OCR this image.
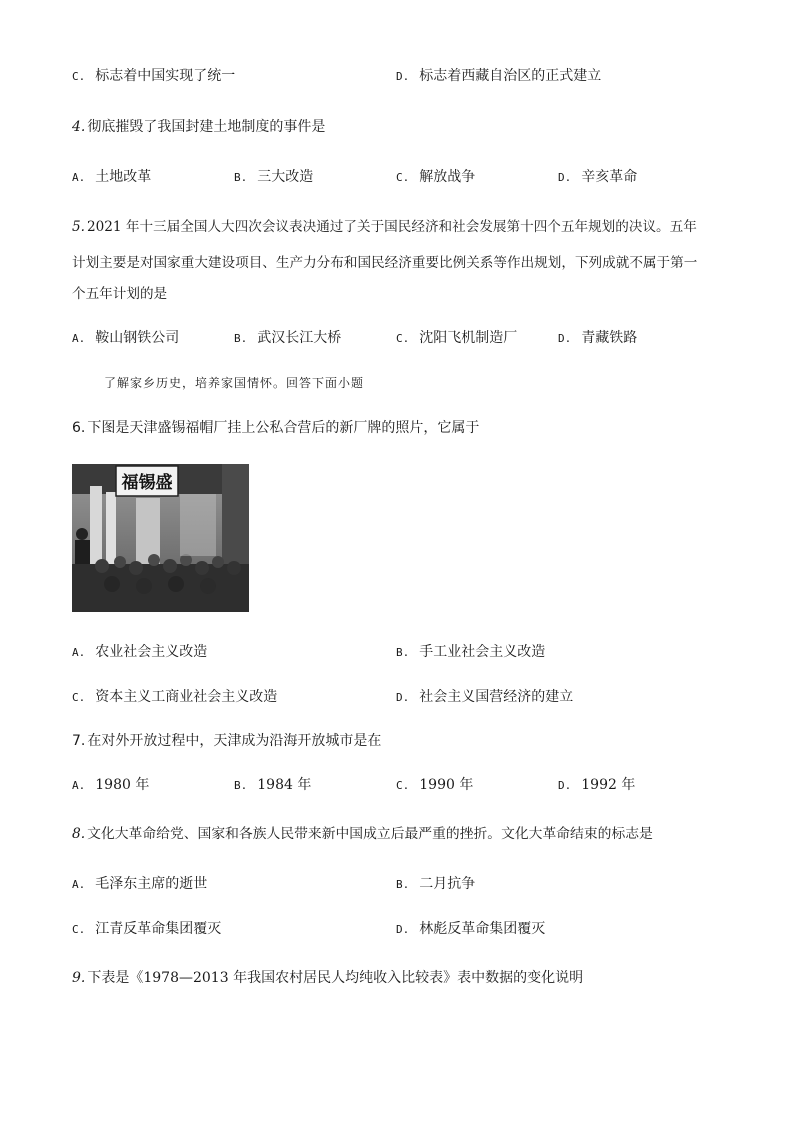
C. 标志着中国实现了统一	D. 标志着西藏自治区的正式建立
4. 彻底摧毁了我国封建土地制度的事件是
A. 土地改革	B. 三大改造	C. 解放战争	D. 辛亥革命
5. 2021 年十三届全国人大四次会议表决通过了关于国民经济和社会发展第十四个五年规划的决议。五年
计划主要是对国家重大建设项目、生产力分布和国民经济重要比例关系等作出规划，下列成就不属于第一
个五年计划的是
A. 鞍山钢铁公司	B. 武汉长江大桥	C. 沈阳飞机制造厂	D. 青藏铁路
了解家乡历史，培养家国情怀。回答下面小题
6. 下图是天津盛锡福帽厂挂上公私合营后的新厂牌的照片，它属于
福锡盛
A. 农业社会主义改造	B. 手工业社会主义改造
C. 资本主义工商业社会主义改造	D. 社会主义国营经济的建立
7. 在对外开放过程中，天津成为沿海开放城市是在
A. 1980 年	B. 1984 年	C. 1990 年	D. 1992 年
8. 文化大革命给党、国家和各族人民带来新中国成立后最严重的挫折。文化大革命结束的标志是
A. 毛泽东主席的逝世	B. 二月抗争
C. 江青反革命集团覆灭	D. 林彪反革命集团覆灭
9. 下表是《1978—2013 年我国农村居民人均纯收入比较表》表中数据的变化说明
